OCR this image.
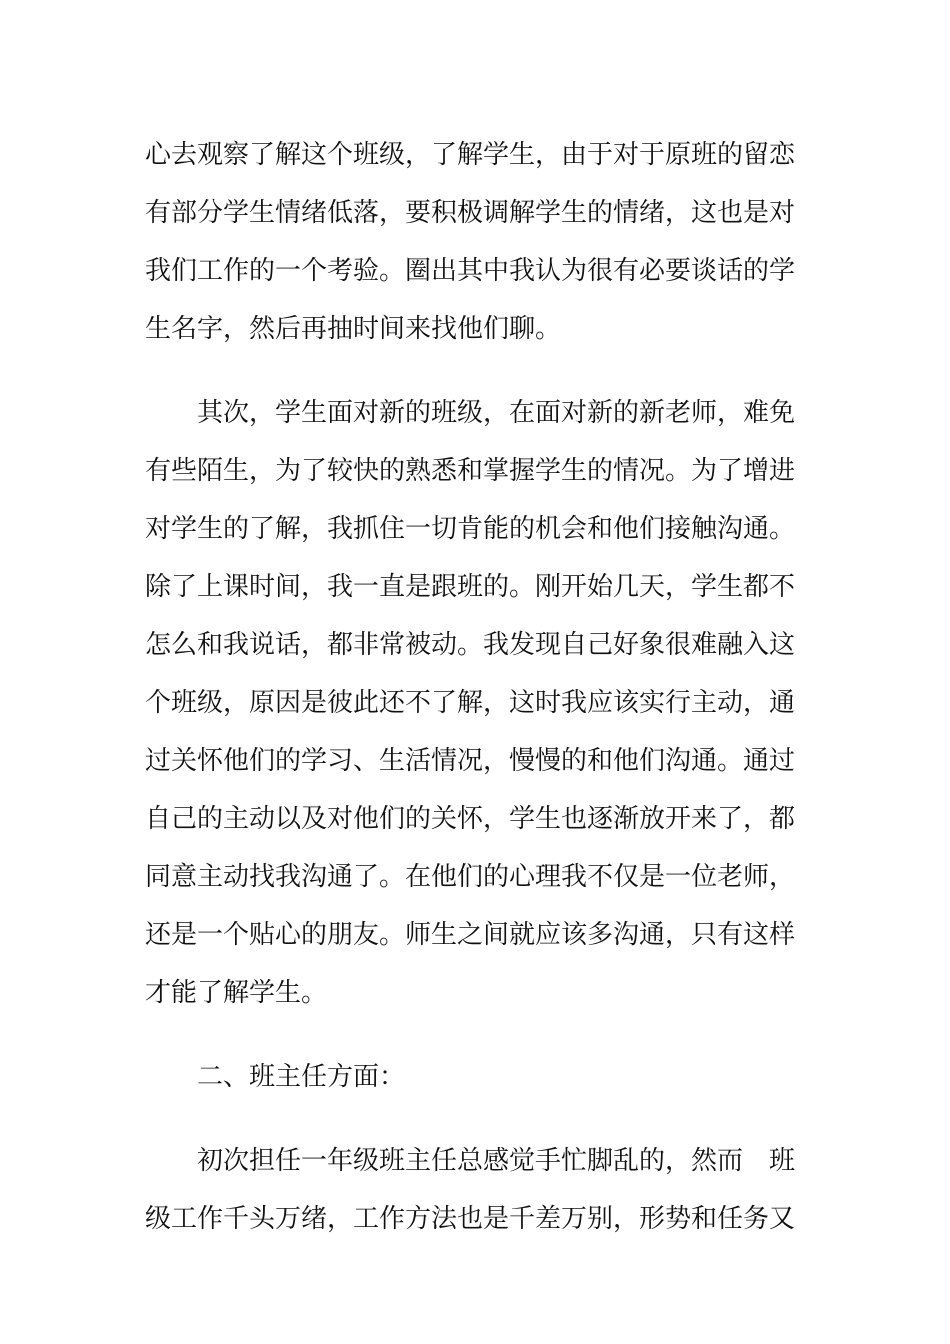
心去观察了解这个班级，了解学生，由于对于原班的留恋
有部分学生情绪低落，要积极调解学生的情绪，这也是对
我们工作的一个考验。圈出其中我认为很有必要谈话的学
生名字，然后再抽时间来找他们聊。
其次，学生面对新的班级，在面对新的新老师，难免
有些陌生，为了较快的熟悉和掌握学生的情况。为了增进
对学生的了解，我抓住一切肯能的机会和他们接触沟通。
除了上课时间，我一直是跟班的。刚开始几天，学生都不
怎么和我说话，都非常被动。我发现自己好象很难融入这
个班级，原因是彼此还不了解，这时我应该实行主动，通
过关怀他们的学习、生活情况，慢慢的和他们沟通。通过
自己的主动以及对他们的关怀，学生也逐渐放开来了，都
同意主动找我沟通了。在他们的心理我不仅是一位老师，
还是一个贴心的朋友。师生之间就应该多沟通，只有这样
才能了解学生。
二、班主任方面：
初次担任一年级班主任总感觉手忙脚乱的，然而　班
级工作千头万绪，工作方法也是千差万别，形势和任务又
